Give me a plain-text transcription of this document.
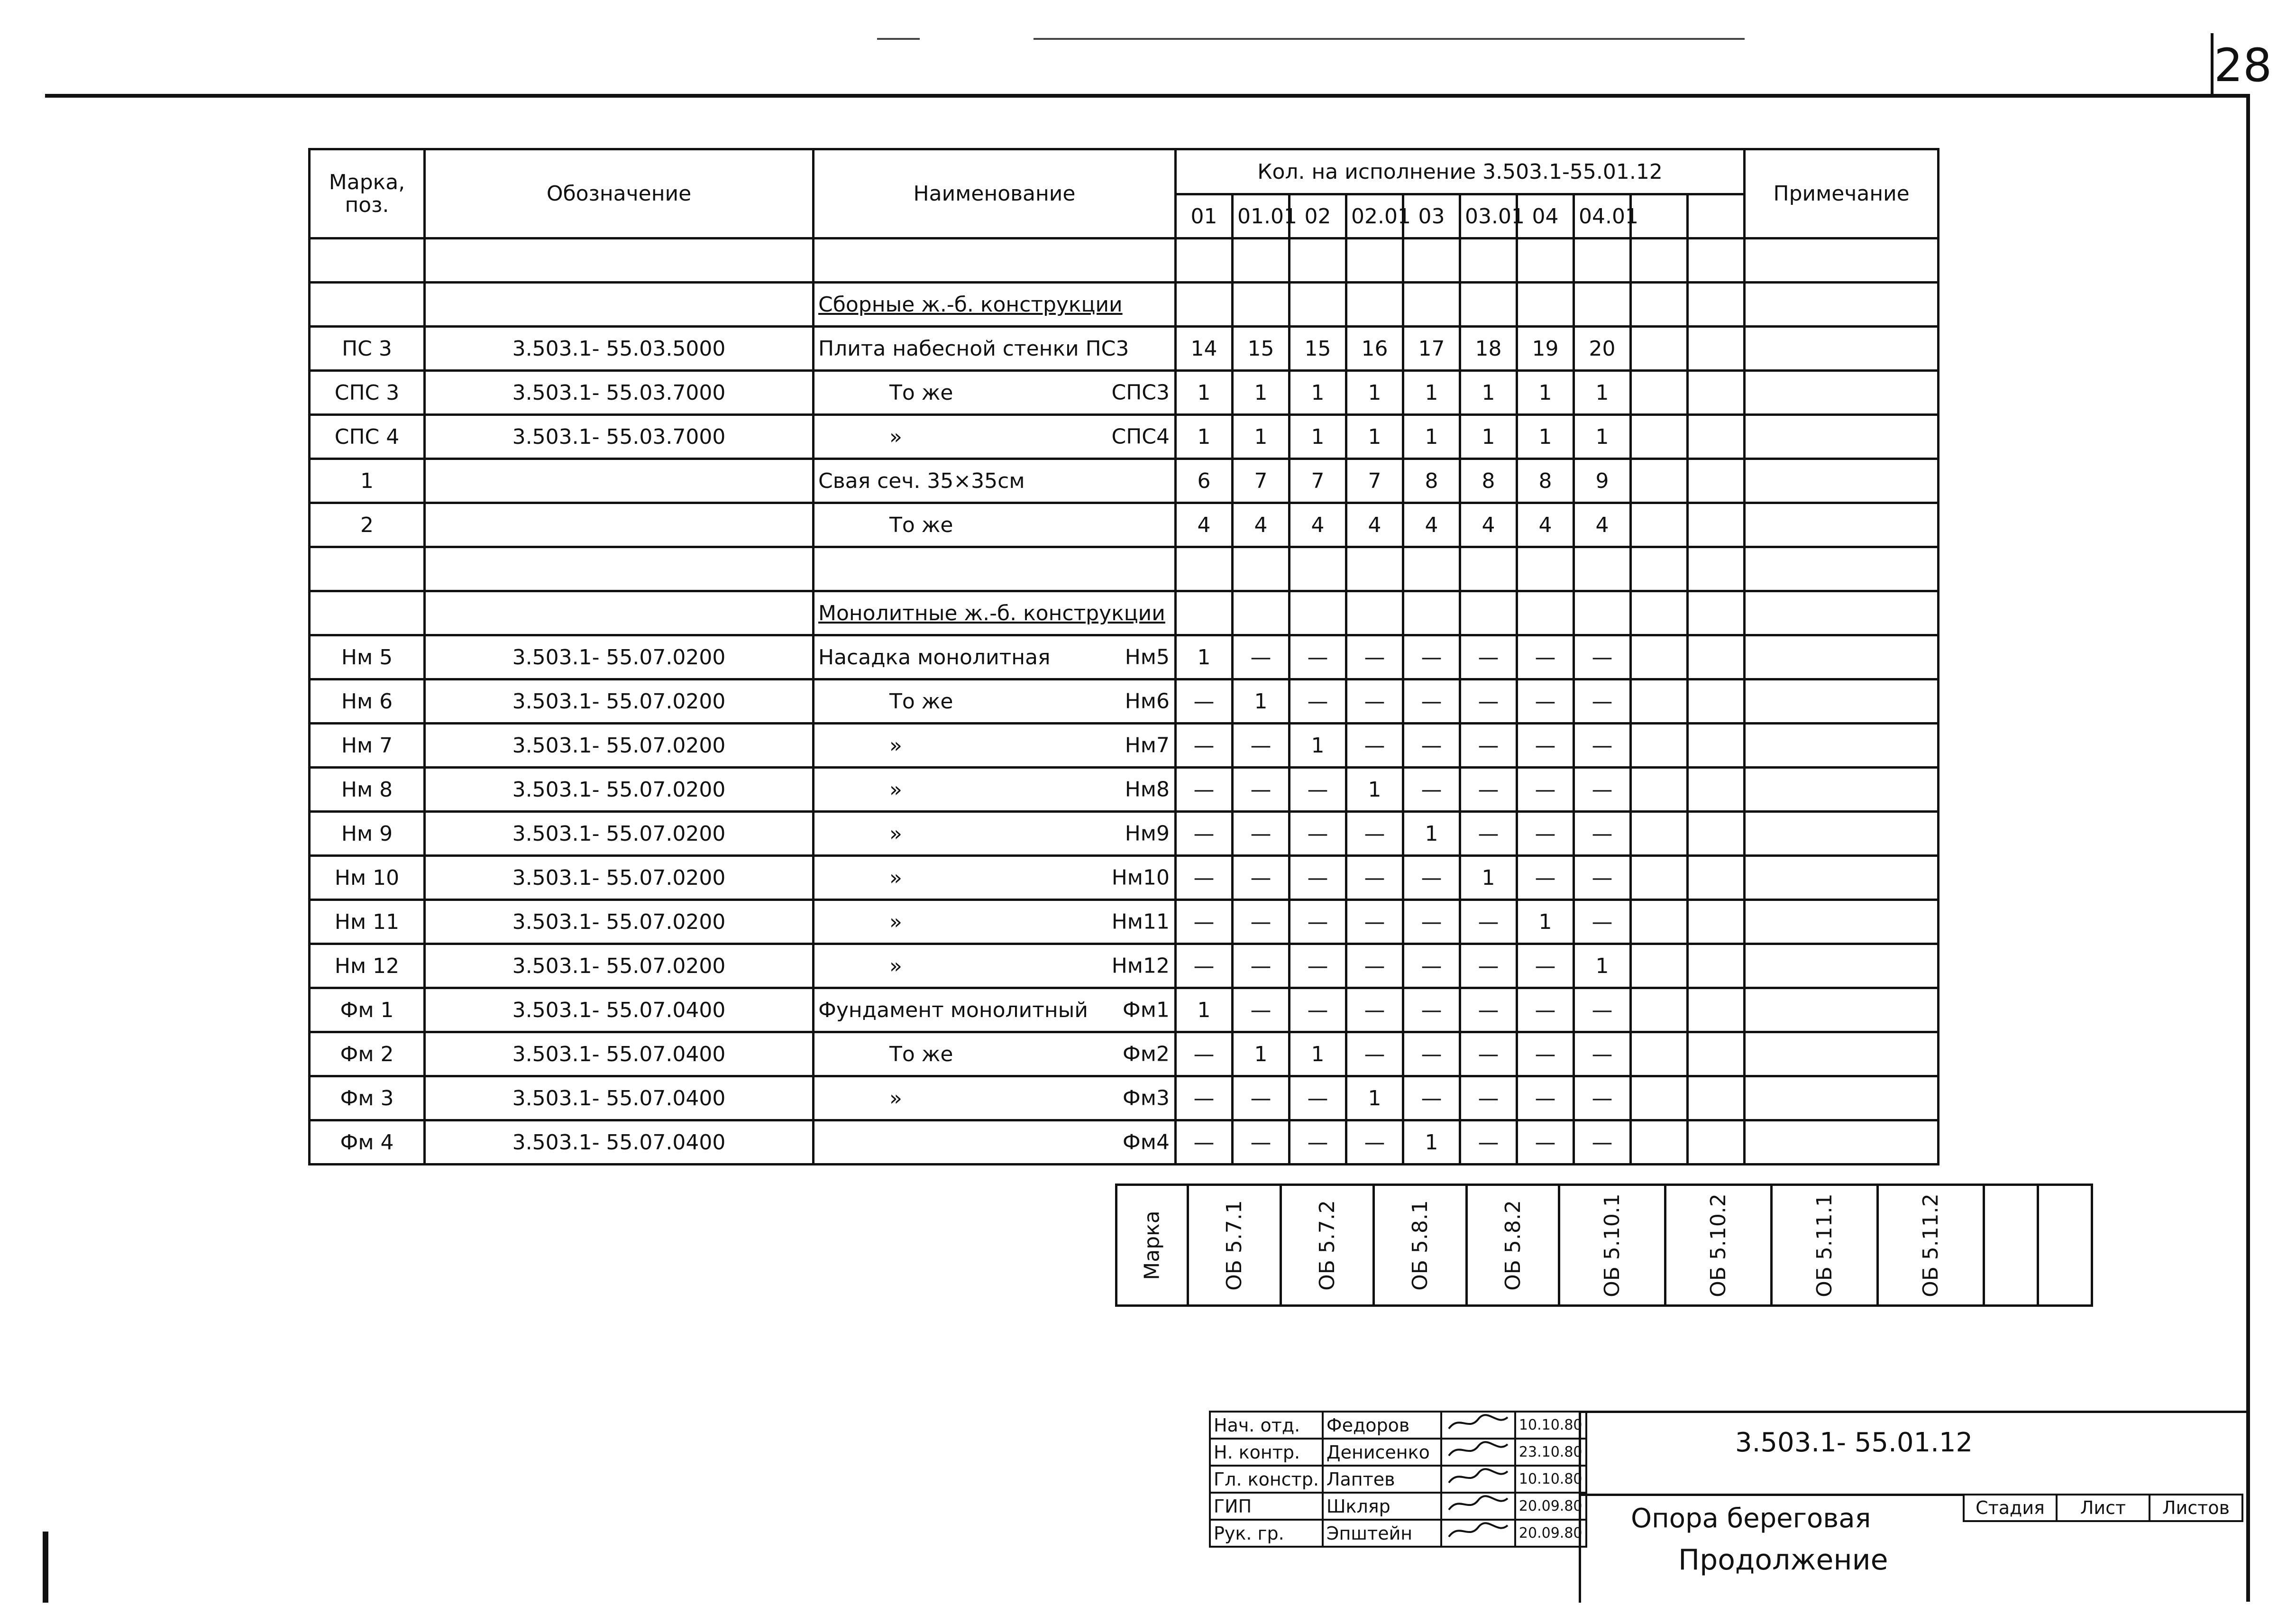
28
Марка, поз.	Обозначение	Наименование	Кол. на исполнение 3.503.1-55.01.12										Примечание
			01	01.01	02	02.01	03	03.01	04	04.01			

		Сборные ж.-б. конструкции

ПС 3	3.503.1- 55.03.5000	Плита набесной стенки ПС3	14	15	15	16	17	18	19	20			
СПС 3	3.503.1- 55.03.7000	То же СПС3	1	1	1	1	1	1	1	1			
СПС 4	3.503.1- 55.03.7000	» СПС4	1	1	1	1	1	1	1	1			
1		Свая сеч. 35×35см	6	7	7	7	8	8	8	9			
2		То же	4	4	4	4	4	4	4	4			

		Монолитные ж.-б. конструкции

Нм 5	3.503.1- 55.07.0200	Насадка монолитная Нм5	1	—	—	—	—	—	—	—			
Нм 6	3.503.1- 55.07.0200	То же Нм6	—	1	—	—	—	—	—	—			
Нм 7	3.503.1- 55.07.0200	» Нм7	—	—	1	—	—	—	—	—			
Нм 8	3.503.1- 55.07.0200	» Нм8	—	—	—	1	—	—	—	—			
Нм 9	3.503.1- 55.07.0200	» Нм9	—	—	—	—	1	—	—	—			
Нм 10	3.503.1- 55.07.0200	» Нм10	—	—	—	—	—	1	—	—			
Нм 11	3.503.1- 55.07.0200	» Нм11	—	—	—	—	—	—	1	—			
Нм 12	3.503.1- 55.07.0200	» Нм12	—	—	—	—	—	—	—	1			
Фм 1	3.503.1- 55.07.0400	Фундамент монолитный Фм1	1	—	—	—	—	—	—	—			
Фм 2	3.503.1- 55.07.0400	То же Фм2	—	1	1	—	—	—	—	—			
Фм 3	3.503.1- 55.07.0400	» Фм3	—	—	—	1	—	—	—	—			
Фм 4	3.503.1- 55.07.0400	Фм4	—	—	—	—	1	—	—	—			
Марка	ОБ 5.7.1	ОБ 5.7.2	ОБ 5.8.1	ОБ 5.8.2	ОБ 5.10.1	ОБ 5.10.2	ОБ 5.11.1	ОБ 5.11.2		
Нач. отд.	Федоров		10.10.80
Н. контр.	Денисенко		23.10.80
Гл. констр.	Лаптев		10.10.80
ГИП	Шкляр		20.09.80
Рук. гр.	Эпштейн		20.09.80
3.503.1- 55.01.12
Опора береговая
Продолжение
Стадия	Лист	Листов
